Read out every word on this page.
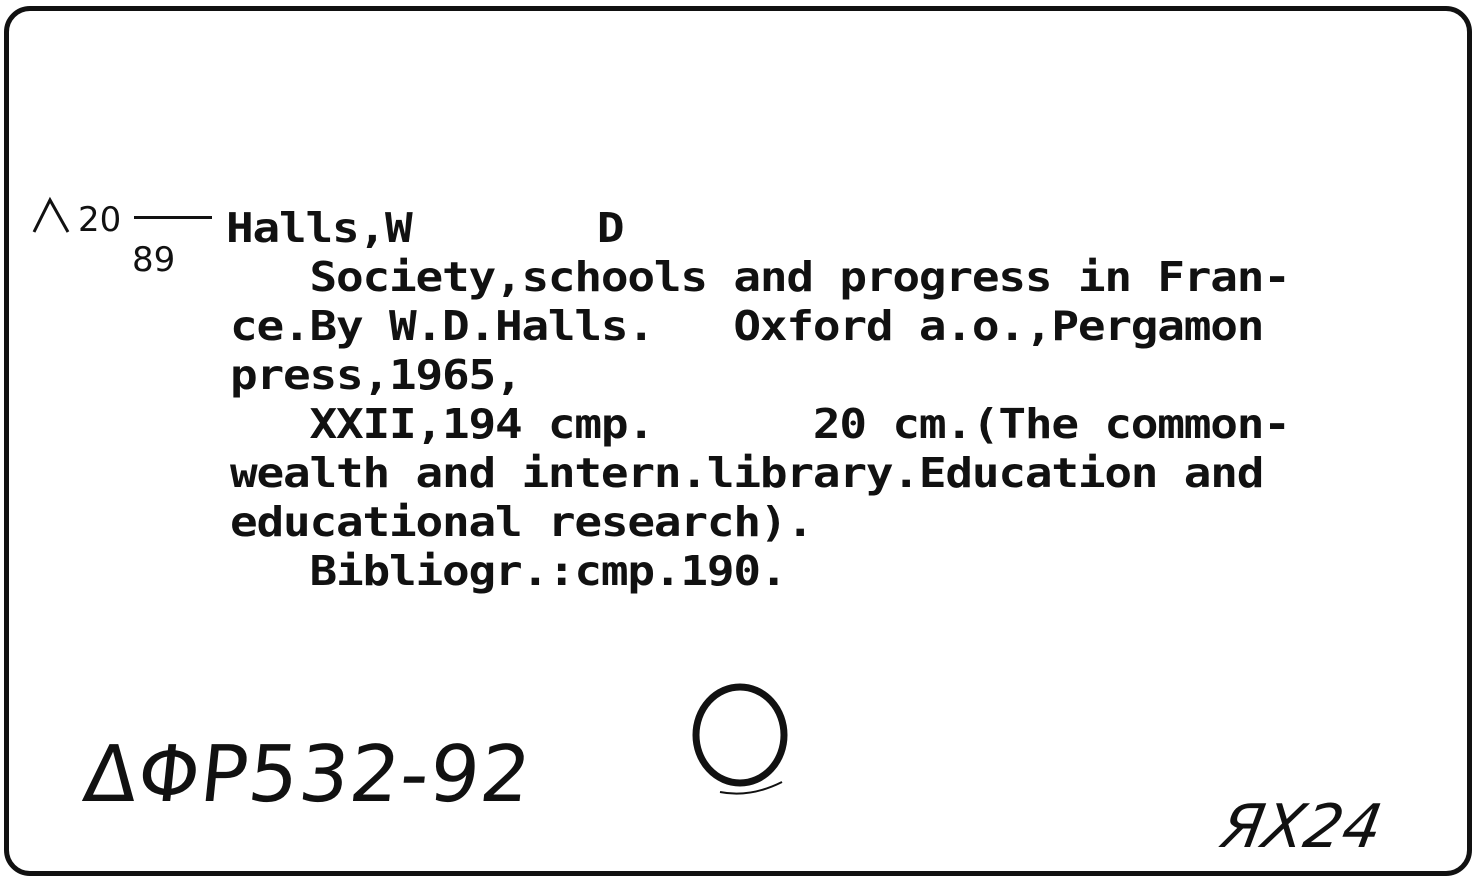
20
89
Halls,W       D
Society,schools and progress in Fran-
ce.By W.D.Halls.   Oxford a.o.,Pergamon
press,1965,
XXII,194 cmp.      20 cm.(The common-
wealth and intern.library.Education and
educational research).
Bibliogr.:cmp.190.
ΔΦР532-92
ЯX24
